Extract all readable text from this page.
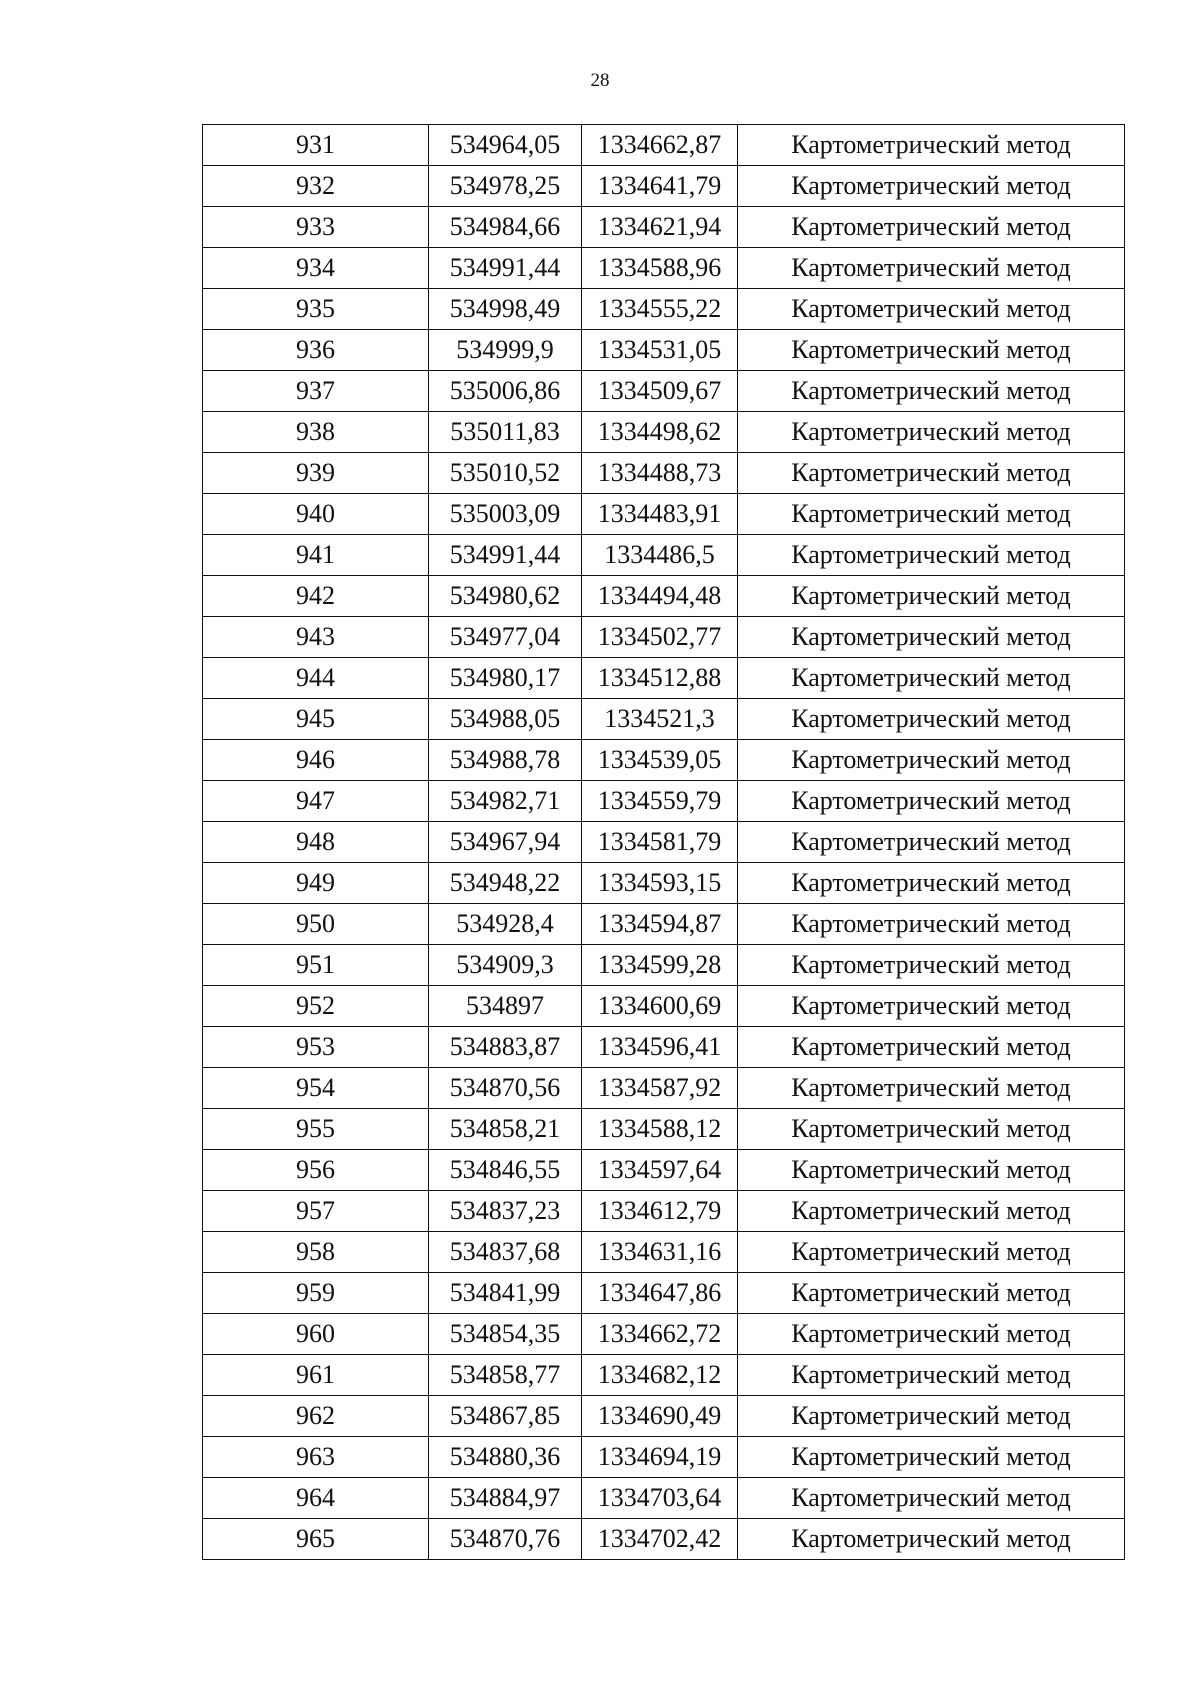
28
931	534964,05	1334662,87	Картометрический метод
932	534978,25	1334641,79	Картометрический метод
933	534984,66	1334621,94	Картометрический метод
934	534991,44	1334588,96	Картометрический метод
935	534998,49	1334555,22	Картометрический метод
936	534999,9	1334531,05	Картометрический метод
937	535006,86	1334509,67	Картометрический метод
938	535011,83	1334498,62	Картометрический метод
939	535010,52	1334488,73	Картометрический метод
940	535003,09	1334483,91	Картометрический метод
941	534991,44	1334486,5	Картометрический метод
942	534980,62	1334494,48	Картометрический метод
943	534977,04	1334502,77	Картометрический метод
944	534980,17	1334512,88	Картометрический метод
945	534988,05	1334521,3	Картометрический метод
946	534988,78	1334539,05	Картометрический метод
947	534982,71	1334559,79	Картометрический метод
948	534967,94	1334581,79	Картометрический метод
949	534948,22	1334593,15	Картометрический метод
950	534928,4	1334594,87	Картометрический метод
951	534909,3	1334599,28	Картометрический метод
952	534897	1334600,69	Картометрический метод
953	534883,87	1334596,41	Картометрический метод
954	534870,56	1334587,92	Картометрический метод
955	534858,21	1334588,12	Картометрический метод
956	534846,55	1334597,64	Картометрический метод
957	534837,23	1334612,79	Картометрический метод
958	534837,68	1334631,16	Картометрический метод
959	534841,99	1334647,86	Картометрический метод
960	534854,35	1334662,72	Картометрический метод
961	534858,77	1334682,12	Картометрический метод
962	534867,85	1334690,49	Картометрический метод
963	534880,36	1334694,19	Картометрический метод
964	534884,97	1334703,64	Картометрический метод
965	534870,76	1334702,42	Картометрический метод
